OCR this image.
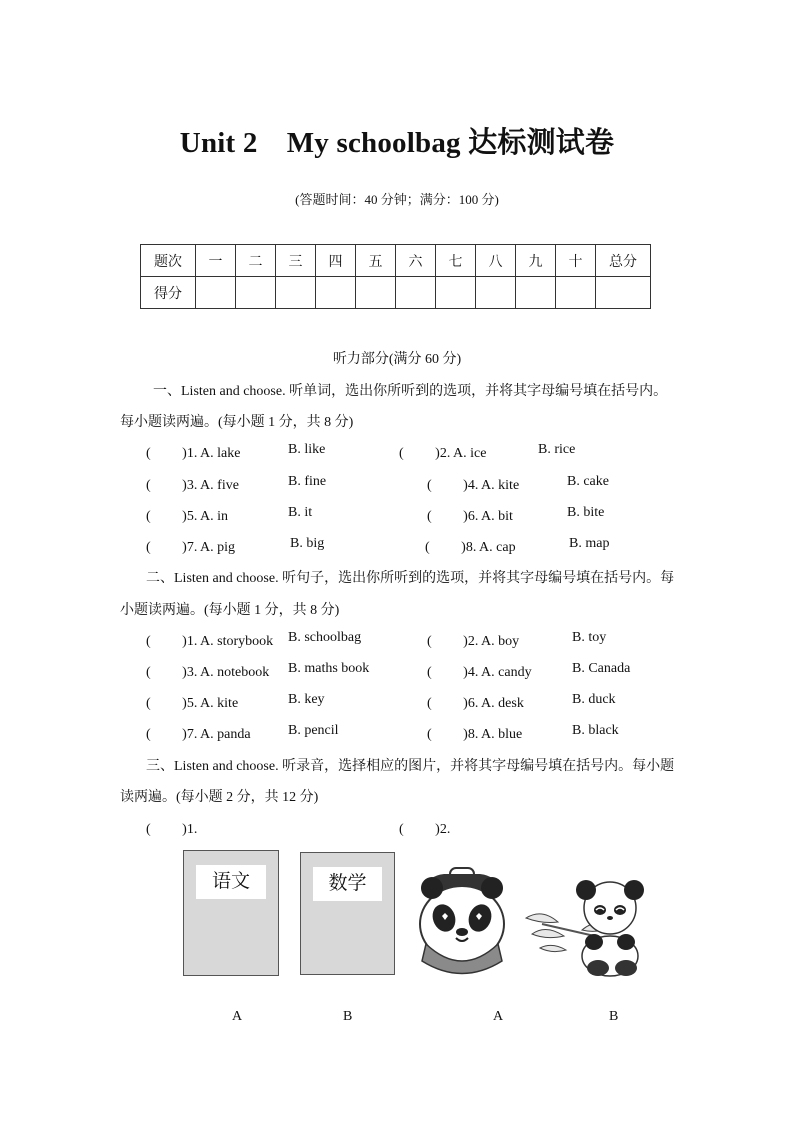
Unit 2　My schoolbag 达标测试卷
(答题时间：40 分钟；满分：100 分)
题次	一	二	三	四	五	六	七	八	九	十	总分
得分											
听力部分(满分 60 分)
一、Listen and choose. 听单词，选出你所听到的选项，并将其字母编号填在括号内。
每小题读两遍。(每小题 1 分，共 8 分)
( 　　)1. A. lake	B. like	( 　　)2. A. ice	B. rice
( 　　)3. A. five	B. fine	( 　　)4. A. kite	B. cake
( 　　)5. A. in	B. it	( 　　)6. A. bit	B. bite
( 　　)7. A. pig	B. big	( 　　)8. A. cap	B. map
二、Listen and choose. 听句子，选出你所听到的选项，并将其字母编号填在括号内。每
小题读两遍。(每小题 1 分，共 8 分)
( 　　)1. A. storybook B. schoolbag	( 　　)2. A. boy	B. toy
( 　　)3. A. notebook B. maths book	( 　　)4. A. candy	B. Canada
( 　　)5. A. kite	B. key	( 　　)6. A. desk	B. duck
( 　　)7. A. panda	B. pencil	( 　　)8. A. blue	B. black
三、Listen and choose. 听录音，选择相应的图片，并将其字母编号填在括号内。每小题
读两遍。(每小题 2 分，共 12 分)
( 　　)1.	( 　　)2.
语文	数学
A	B	A	B
